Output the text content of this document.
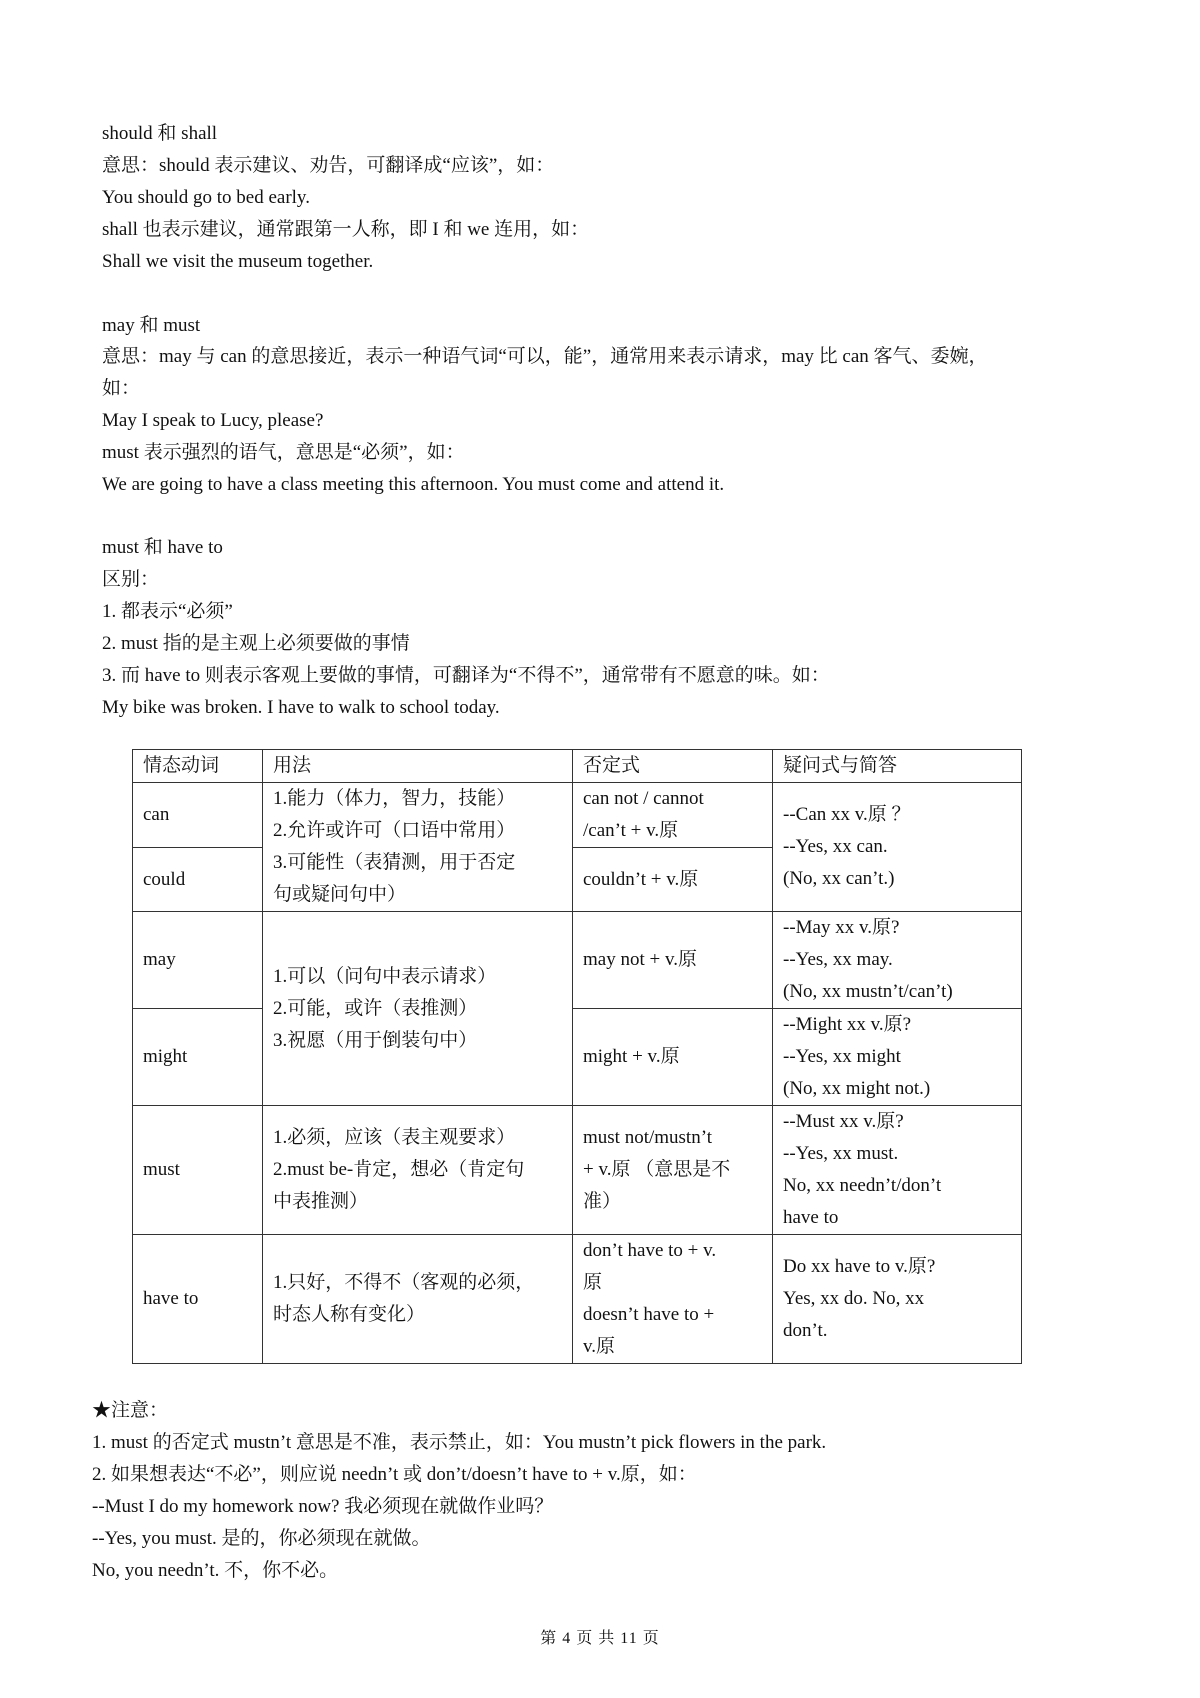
should 和 shall
意思：should 表示建议、劝告，可翻译成“应该”，如：
You should go to bed early.
shall 也表示建议，通常跟第一人称，即 I 和 we 连用，如：
Shall we visit the museum together.
may 和 must
意思：may 与 can 的意思接近，表示一种语气词“可以，能”，通常用来表示请求，may 比 can 客气、委婉，
如：
May I speak to Lucy, please?
must 表示强烈的语气，意思是“必须”，如：
We are going to have a class meeting this afternoon. You must come and attend it.
must 和 have to
区别：
1. 都表示“必须”
2. must 指的是主观上必须要做的事情
3. 而 have to 则表示客观上要做的事情，可翻译为“不得不”，通常带有不愿意的味。如：
My bike was broken. I have to walk to school today.
情态动词	用法	否定式	疑问式与简答
can	1.能力（体力，智力，技能）
2.允许或许可（口语中常用）
3.可能性（表猜测，用于否定
句或疑问句中）	can not / cannot
/can’t + v.原	--Can xx v.原 ？
--Yes, xx can.
(No, xx can’t.)

could		couldn’t + v.原	

may	1.可以（问句中表示请求）
2.可能，或许（表推测）
3.祝愿（用于倒装句中）	may not + v.原	--May xx v.原?
--Yes, xx may.
(No, xx mustn’t/can’t)

might		might + v.原	--Might xx v.原?
--Yes, xx might
(No, xx might not.)

must	1.必须，应该（表主观要求）
2.must be-肯定，想必（肯定句
中表推测）	must not/mustn’t
+ v.原 （意思是不
准）	--Must xx v.原?
--Yes, xx must.
No, xx needn’t/don’t
have to

have to	1.只好，不得不（客观的必须，
时态人称有变化）	don’t have to + v.
原
doesn’t have to +
v.原	Do xx have to v.原?
Yes, xx do. No, xx
don’t.
★注意：
1. must 的否定式 mustn’t 意思是不准，表示禁止，如：You mustn’t pick flowers in the park.
2. 如果想表达“不必”，则应说 needn’t 或 don’t/doesn’t have to + v.原，如：
--Must I do my homework now? 我必须现在就做作业吗？
--Yes, you must. 是的，你必须现在就做。
No, you needn’t. 不，你不必。
第 4 页 共 11 页
